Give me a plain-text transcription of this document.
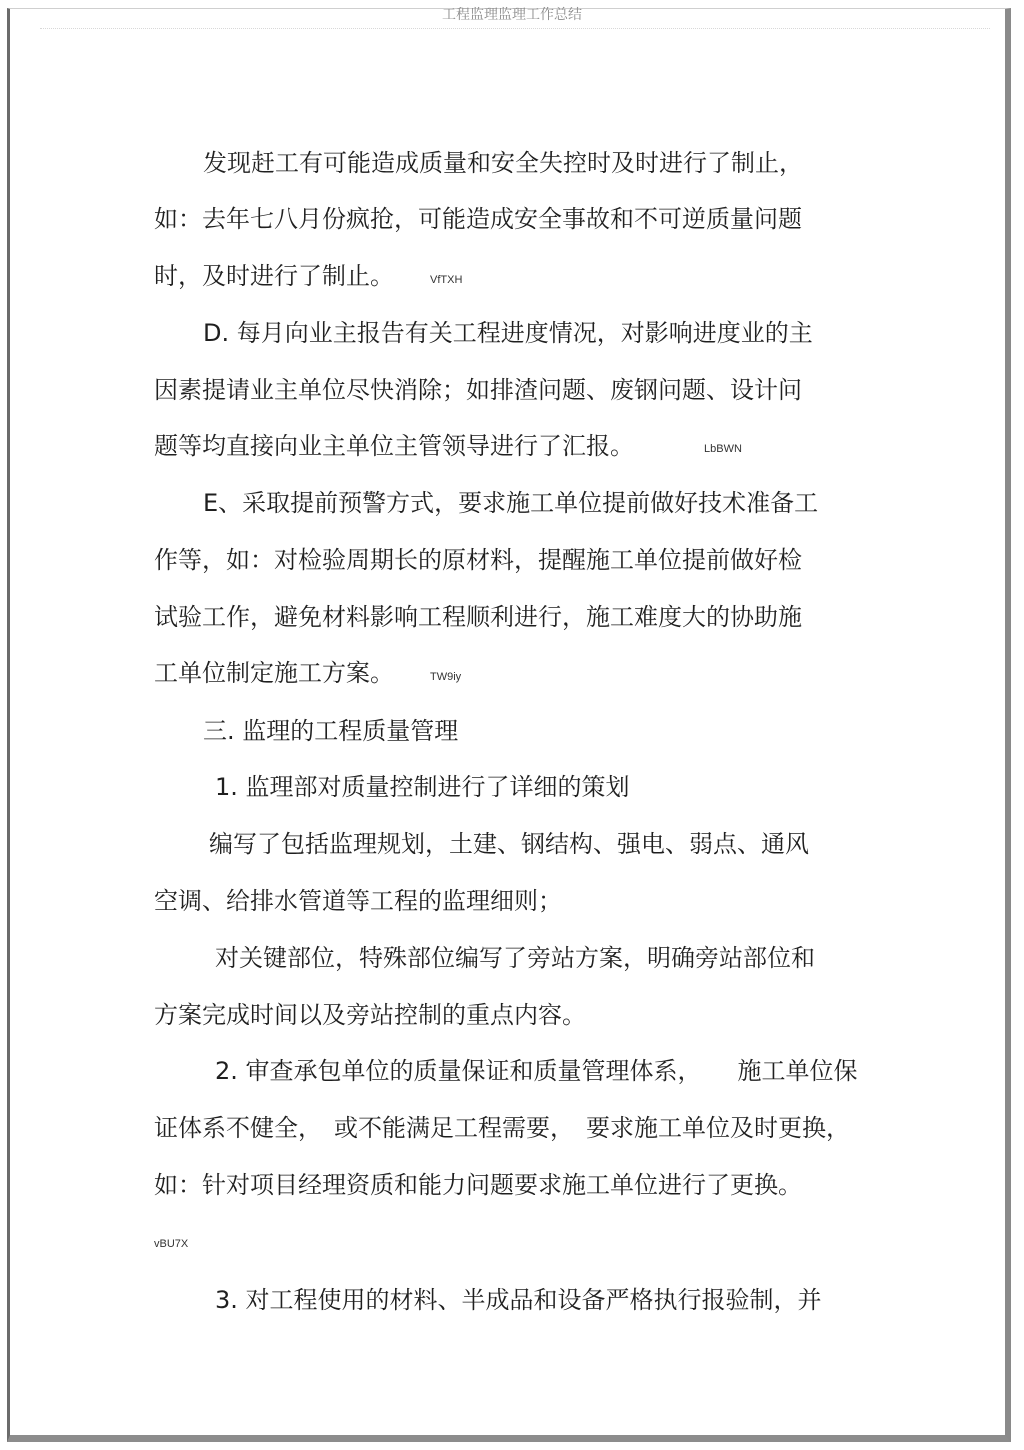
工程监理监理工作总结
发现赶工有可能造成质量和安全失控时及时进行了制止，
如：去年七八月份疯抢，可能造成安全事故和不可逆质量问题
时，及时进行了制止。	VfTXH
D. 每月向业主报告有关工程进度情况，对影响进度业的主
因素提请业主单位尽快消除；如排渣问题、废钢问题、设计问
题等均直接向业主单位主管领导进行了汇报。	LbBWN
E、采取提前预警方式，要求施工单位提前做好技术准备工
作等，如：对检验周期长的原材料，提醒施工单位提前做好检
试验工作，避免材料影响工程顺利进行，施工难度大的协助施
工单位制定施工方案。	TW9iy
三. 监理的工程质量管理
1. 监理部对质量控制进行了详细的策划
编写了包括监理规划，土建、钢结构、强电、弱点、通风
空调、给排水管道等工程的监理细则；
对关键部位，特殊部位编写了旁站方案，明确旁站部位和
方案完成时间以及旁站控制的重点内容。
2. 审查承包单位的质量保证和质量管理体系，　　施工单位保
证体系不健全，　或不能满足工程需要，　要求施工单位及时更换，
如：针对项目经理资质和能力问题要求施工单位进行了更换。
vBU7X
3. 对工程使用的材料、半成品和设备严格执行报验制，并
